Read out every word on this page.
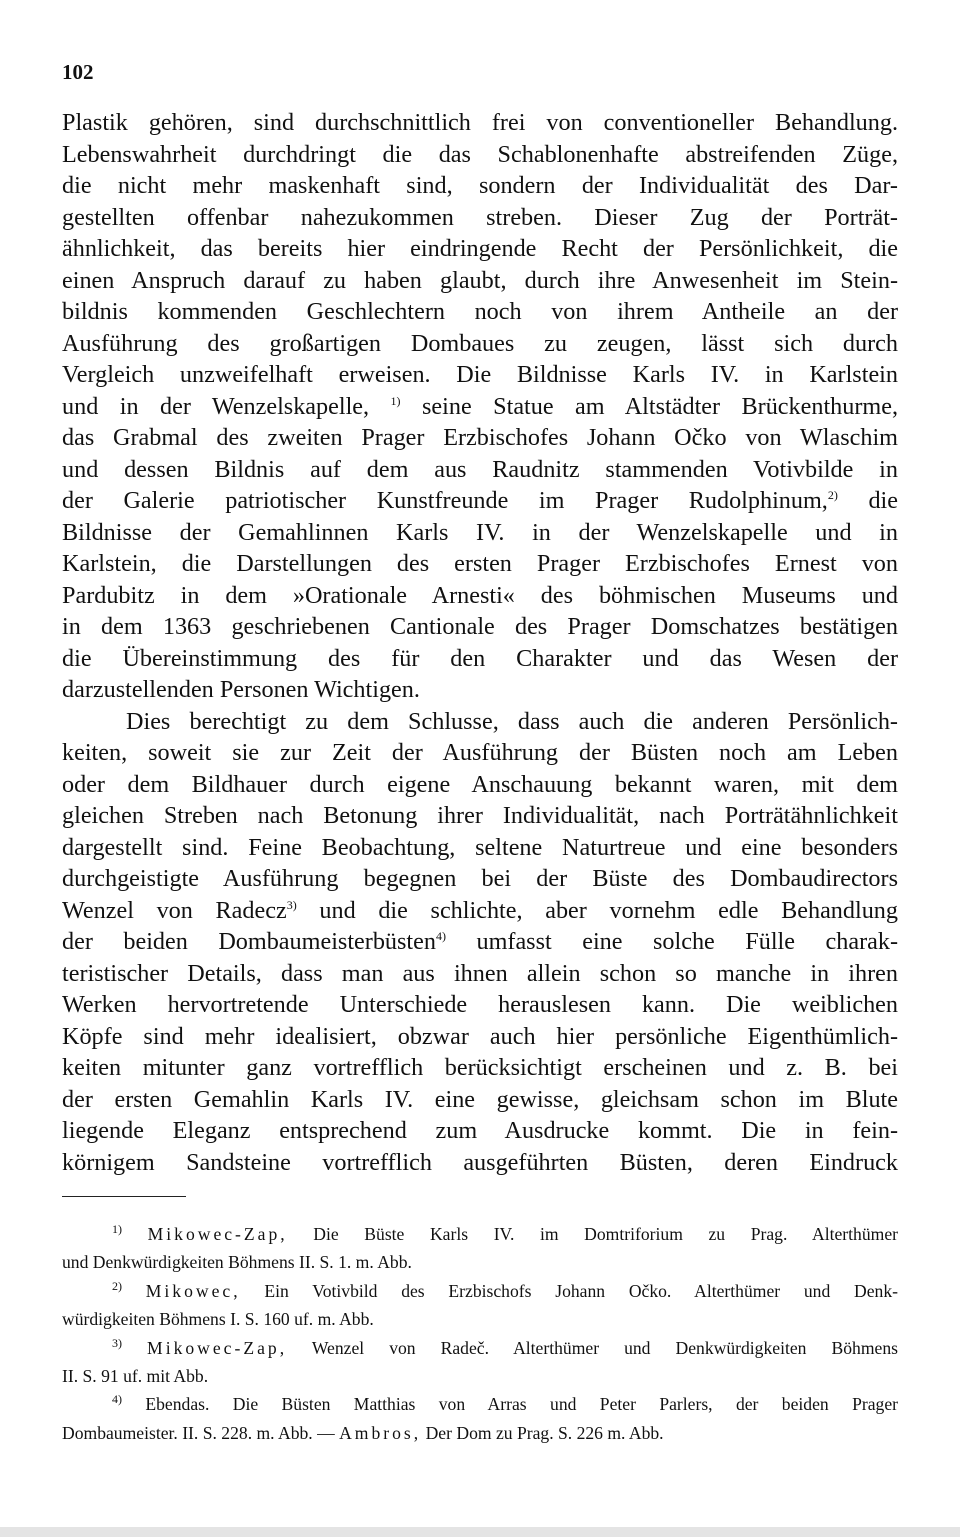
102
Plastik gehören, sind durchschnittlich frei von conventioneller Behandlung.
Lebenswahrheit durchdringt die das Schablonenhafte abstreifenden Züge,
die nicht mehr maskenhaft sind, sondern der Individualität des Dar-
gestellten offenbar nahezukommen streben. Dieser Zug der Porträt-
ähnlichkeit, das bereits hier eindringende Recht der Persönlichkeit, die
einen Anspruch darauf zu haben glaubt, durch ihre Anwesenheit im Stein-
bildnis kommenden Geschlechtern noch von ihrem Antheile an der
Ausführung des großartigen Dombaues zu zeugen, lässt sich durch
Vergleich unzweifelhaft erweisen. Die Bildnisse Karls IV. in Karlstein
und in der Wenzelskapelle, $^{1)}$ seine Statue am Altstädter Brückenthurme,
das Grabmal des zweiten Prager Erzbischofes Johann Očko von Wlaschim
und dessen Bildnis auf dem aus Raudnitz stammenden Votivbilde in
der Galerie patriotischer Kunstfreunde im Prager Rudolphinum,$^{2)}$ die
Bildnisse der Gemahlinnen Karls IV. in der Wenzelskapelle und in
Karlstein, die Darstellungen des ersten Prager Erzbischofes Ernest von
Pardubitz in dem »Orationale Arnesti« des böhmischen Museums und
in dem 1363 geschriebenen Cantionale des Prager Domschatzes bestätigen
die Übereinstimmung des für den Charakter und das Wesen der
darzustellenden Personen Wichtigen.
Dies berechtigt zu dem Schlusse, dass auch die anderen Persönlich-
keiten, soweit sie zur Zeit der Ausführung der Büsten noch am Leben
oder dem Bildhauer durch eigene Anschauung bekannt waren, mit dem
gleichen Streben nach Betonung ihrer Individualität, nach Porträtähnlichkeit
dargestellt sind. Feine Beobachtung, seltene Naturtreue und eine besonders
durchgeistigte Ausführung begegnen bei der Büste des Dombaudirectors
Wenzel von Radecz$^{3)}$ und die schlichte, aber vornehm edle Behandlung
der beiden Dombaumeisterbüsten$^{4)}$ umfasst eine solche Fülle charak-
teristischer Details, dass man aus ihnen allein schon so manche in ihren
Werken hervortretende Unterschiede herauslesen kann. Die weiblichen
Köpfe sind mehr idealisiert, obzwar auch hier persönliche Eigenthümlich-
keiten mitunter ganz vortrefflich berücksichtigt erscheinen und z. B. bei
der ersten Gemahlin Karls IV. eine gewisse, gleichsam schon im Blute
liegende Eleganz entsprechend zum Ausdrucke kommt. Die in fein-
körnigem Sandsteine vortrefflich ausgeführten Büsten, deren Eindruck
$^{1)}$ Mikowec-Zap, Die Büste Karls IV. im Domtriforium zu Prag. Alterthümer
und Denkwürdigkeiten Böhmens II. S. 1. m. Abb.
$^{2)}$ Mikowec, Ein Votivbild des Erzbischofs Johann Očko. Alterthümer und Denk-
würdigkeiten Böhmens I. S. 160 uf. m. Abb.
$^{3)}$ Mikowec-Zap, Wenzel von Radeč. Alterthümer und Denkwürdigkeiten Böhmens
II. S. 91 uf. mit Abb.
$^{4)}$ Ebendas. Die Büsten Matthias von Arras und Peter Parlers, der beiden Prager
Dombaumeister. II. S. 228. m. Abb. — Ambros, Der Dom zu Prag. S. 226 m. Abb.
